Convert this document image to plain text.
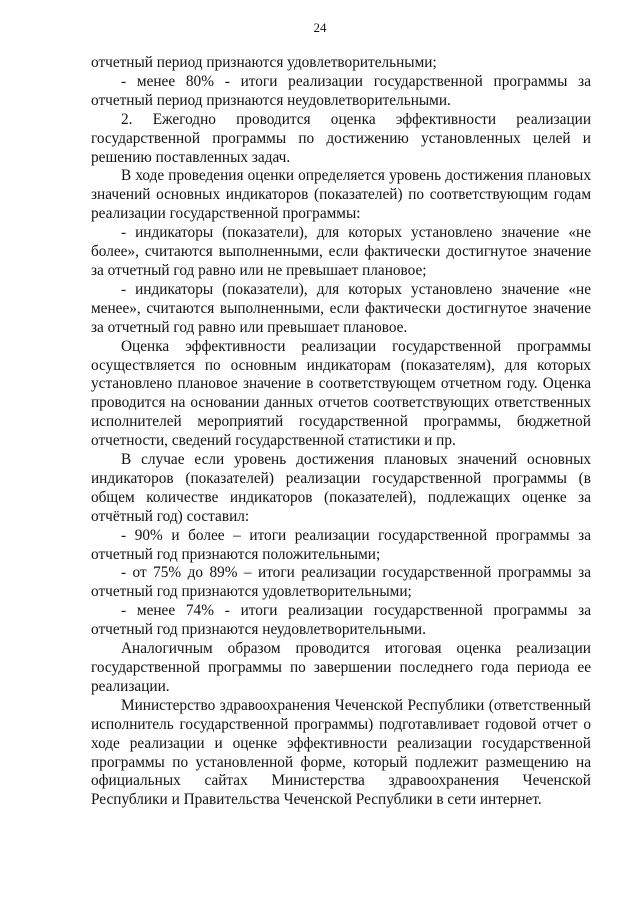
24

отчетный период признаются удовлетворительными;

- менее 80% - итоги реализации государственной программы за отчетный период признаются неудовлетворительными.

2. Ежегодно проводится оценка эффективности реализации государственной программы по достижению установленных целей и решению поставленных задач.

В ходе проведения оценки определяется уровень достижения плановых значений основных индикаторов (показателей) по соответствующим годам реализации государственной программы:

- индикаторы (показатели), для которых установлено значение «не более», считаются выполненными, если фактически достигнутое значение за отчетный год равно или не превышает плановое;

- индикаторы (показатели), для которых установлено значение «не менее», считаются выполненными, если фактически достигнутое значение за отчетный год равно или превышает плановое.

Оценка эффективности реализации государственной программы осуществляется по основным индикаторам (показателям), для которых установлено плановое значение в соответствующем отчетном году. Оценка проводится на основании данных отчетов соответствующих ответственных исполнителей мероприятий государственной программы, бюджетной отчетности, сведений государственной статистики и пр.

В случае если уровень достижения плановых значений основных индикаторов (показателей) реализации государственной программы (в общем количестве индикаторов (показателей), подлежащих оценке за отчётный год) составил:

- 90% и более – итоги реализации государственной программы за отчетный год признаются положительными;

- от 75% до 89% – итоги реализации государственной программы за отчетный год признаются удовлетворительными;

- менее 74% - итоги реализации государственной программы за отчетный год признаются неудовлетворительными.

Аналогичным образом проводится итоговая оценка реализации государственной программы по завершении последнего года периода ее реализации.

Министерство здравоохранения Чеченской Республики (ответственный исполнитель государственной программы) подготавливает годовой отчет о ходе реализации и оценке эффективности реализации государственной программы по установленной форме, который подлежит размещению на официальных сайтах Министерства здравоохранения Чеченской Республики и Правительства Чеченской Республики в сети интернет.
